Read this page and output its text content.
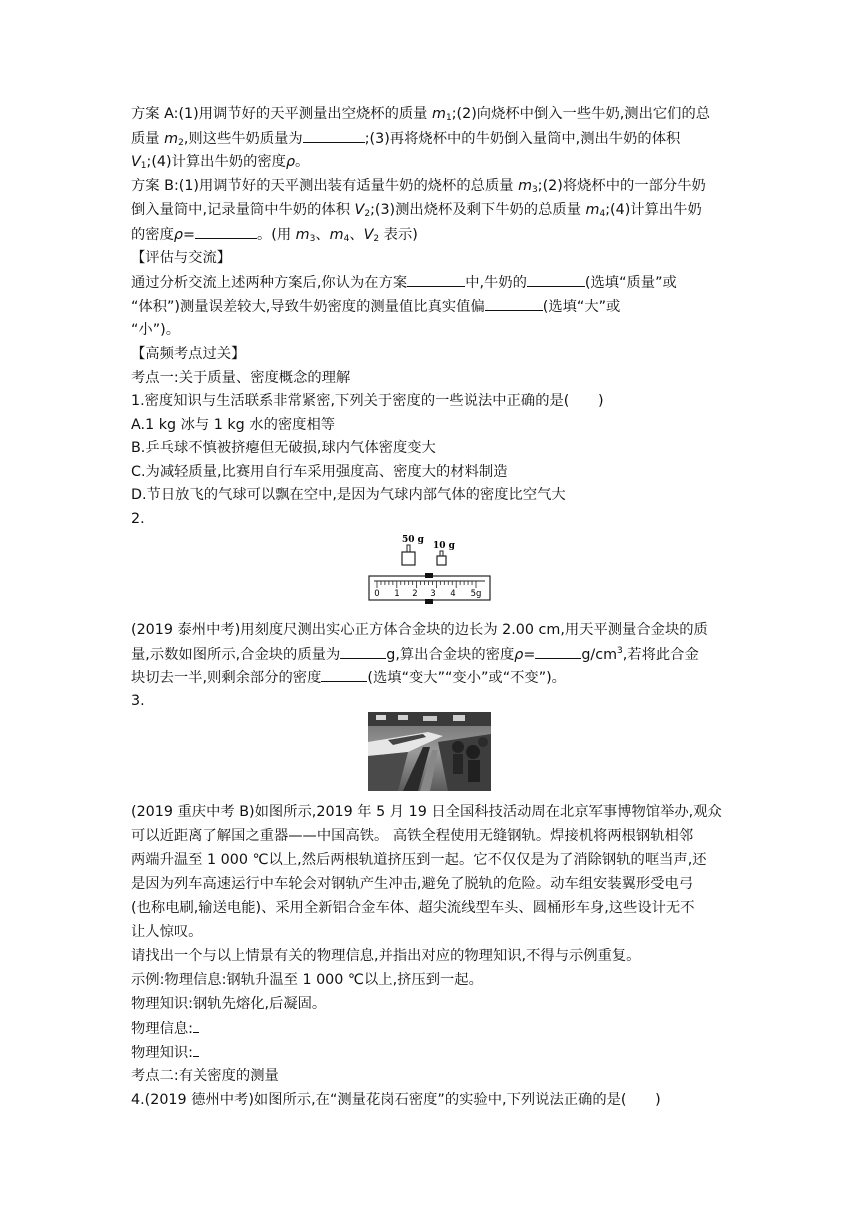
方案 A:(1)用调节好的天平测量出空烧杯的质量 $m_1;(2)$向烧杯中倒入一些牛奶,测出它们的总
质量 $m_2$,则这些牛奶质量为	;(3)再将烧杯中的牛奶倒入量筒中,测出牛奶的体积
$V_1;(4)$计算出牛奶的密度ρ。
方案 B:(1)用调节好的天平测出装有适量牛奶的烧杯的总质量 $m_3;(2)$将烧杯中的一部分牛奶
倒入量筒中,记录量筒中牛奶的体积 $V_2;(3)$测出烧杯及剩下牛奶的总质量 $m_4;(4)$计算出牛奶
的密度ρ=	。(用 $m_3$、$m_4$、$V_2$ 表示)
【评估与交流】
通过分析交流上述两种方案后,你认为在方案	中,牛奶的	(选填“质量”或
“体积”)测量误差较大,导致牛奶密度的测量值比真实值偏	(选填“大”或
“小”)。
【高频考点过关】
考点一:关于质量、密度概念的理解
1.密度知识与生活联系非常紧密,下列关于密度的一些说法中正确的是(　　)
A.1 kg 冰与 1 kg 水的密度相等
B.乒乓球不慎被挤瘪但无破损,球内气体密度变大
C.为减轻质量,比赛用自行车采用强度高、密度大的材料制造
D.节日放飞的气球可以飘在空中,是因为气球内部气体的密度比空气大
2.
50 g
10 g
0 1 2 3 4 5g
(2019 泰州中考)用刻度尺测出实心正方体合金块的边长为 2.00 cm,用天平测量合金块的质
量,示数如图所示,合金块的质量为	g,算出合金块的密度ρ=	$g/cm^3$,若将此合金
块切去一半,则剩余部分的密度	(选填“变大”“变小”或“不变”)。
3.
(2019 重庆中考 B)如图所示,2019 年 5 月 19 日全国科技活动周在北京军事博物馆举办,观众
可以近距离了解国之重器——中国高铁。 高铁全程使用无缝钢轨。焊接机将两根钢轨相邻
两端升温至 1 000 ℃以上,然后两根轨道挤压到一起。它不仅仅是为了消除钢轨的哐当声,还
是因为列车高速运行中车轮会对钢轨产生冲击,避免了脱轨的危险。动车组安装翼形受电弓
(也称电刷,输送电能)、采用全新铝合金车体、超尖流线型车头、圆桶形车身,这些设计无不
让人惊叹。
请找出一个与以上情景有关的物理信息,并指出对应的物理知识,不得与示例重复。
示例:物理信息:钢轨升温至 1 000 ℃以上,挤压到一起。
物理知识:钢轨先熔化,后凝固。
物理信息:
物理知识:
考点二:有关密度的测量
4.(2019 德州中考)如图所示,在“测量花岗石密度”的实验中,下列说法正确的是(　　)
